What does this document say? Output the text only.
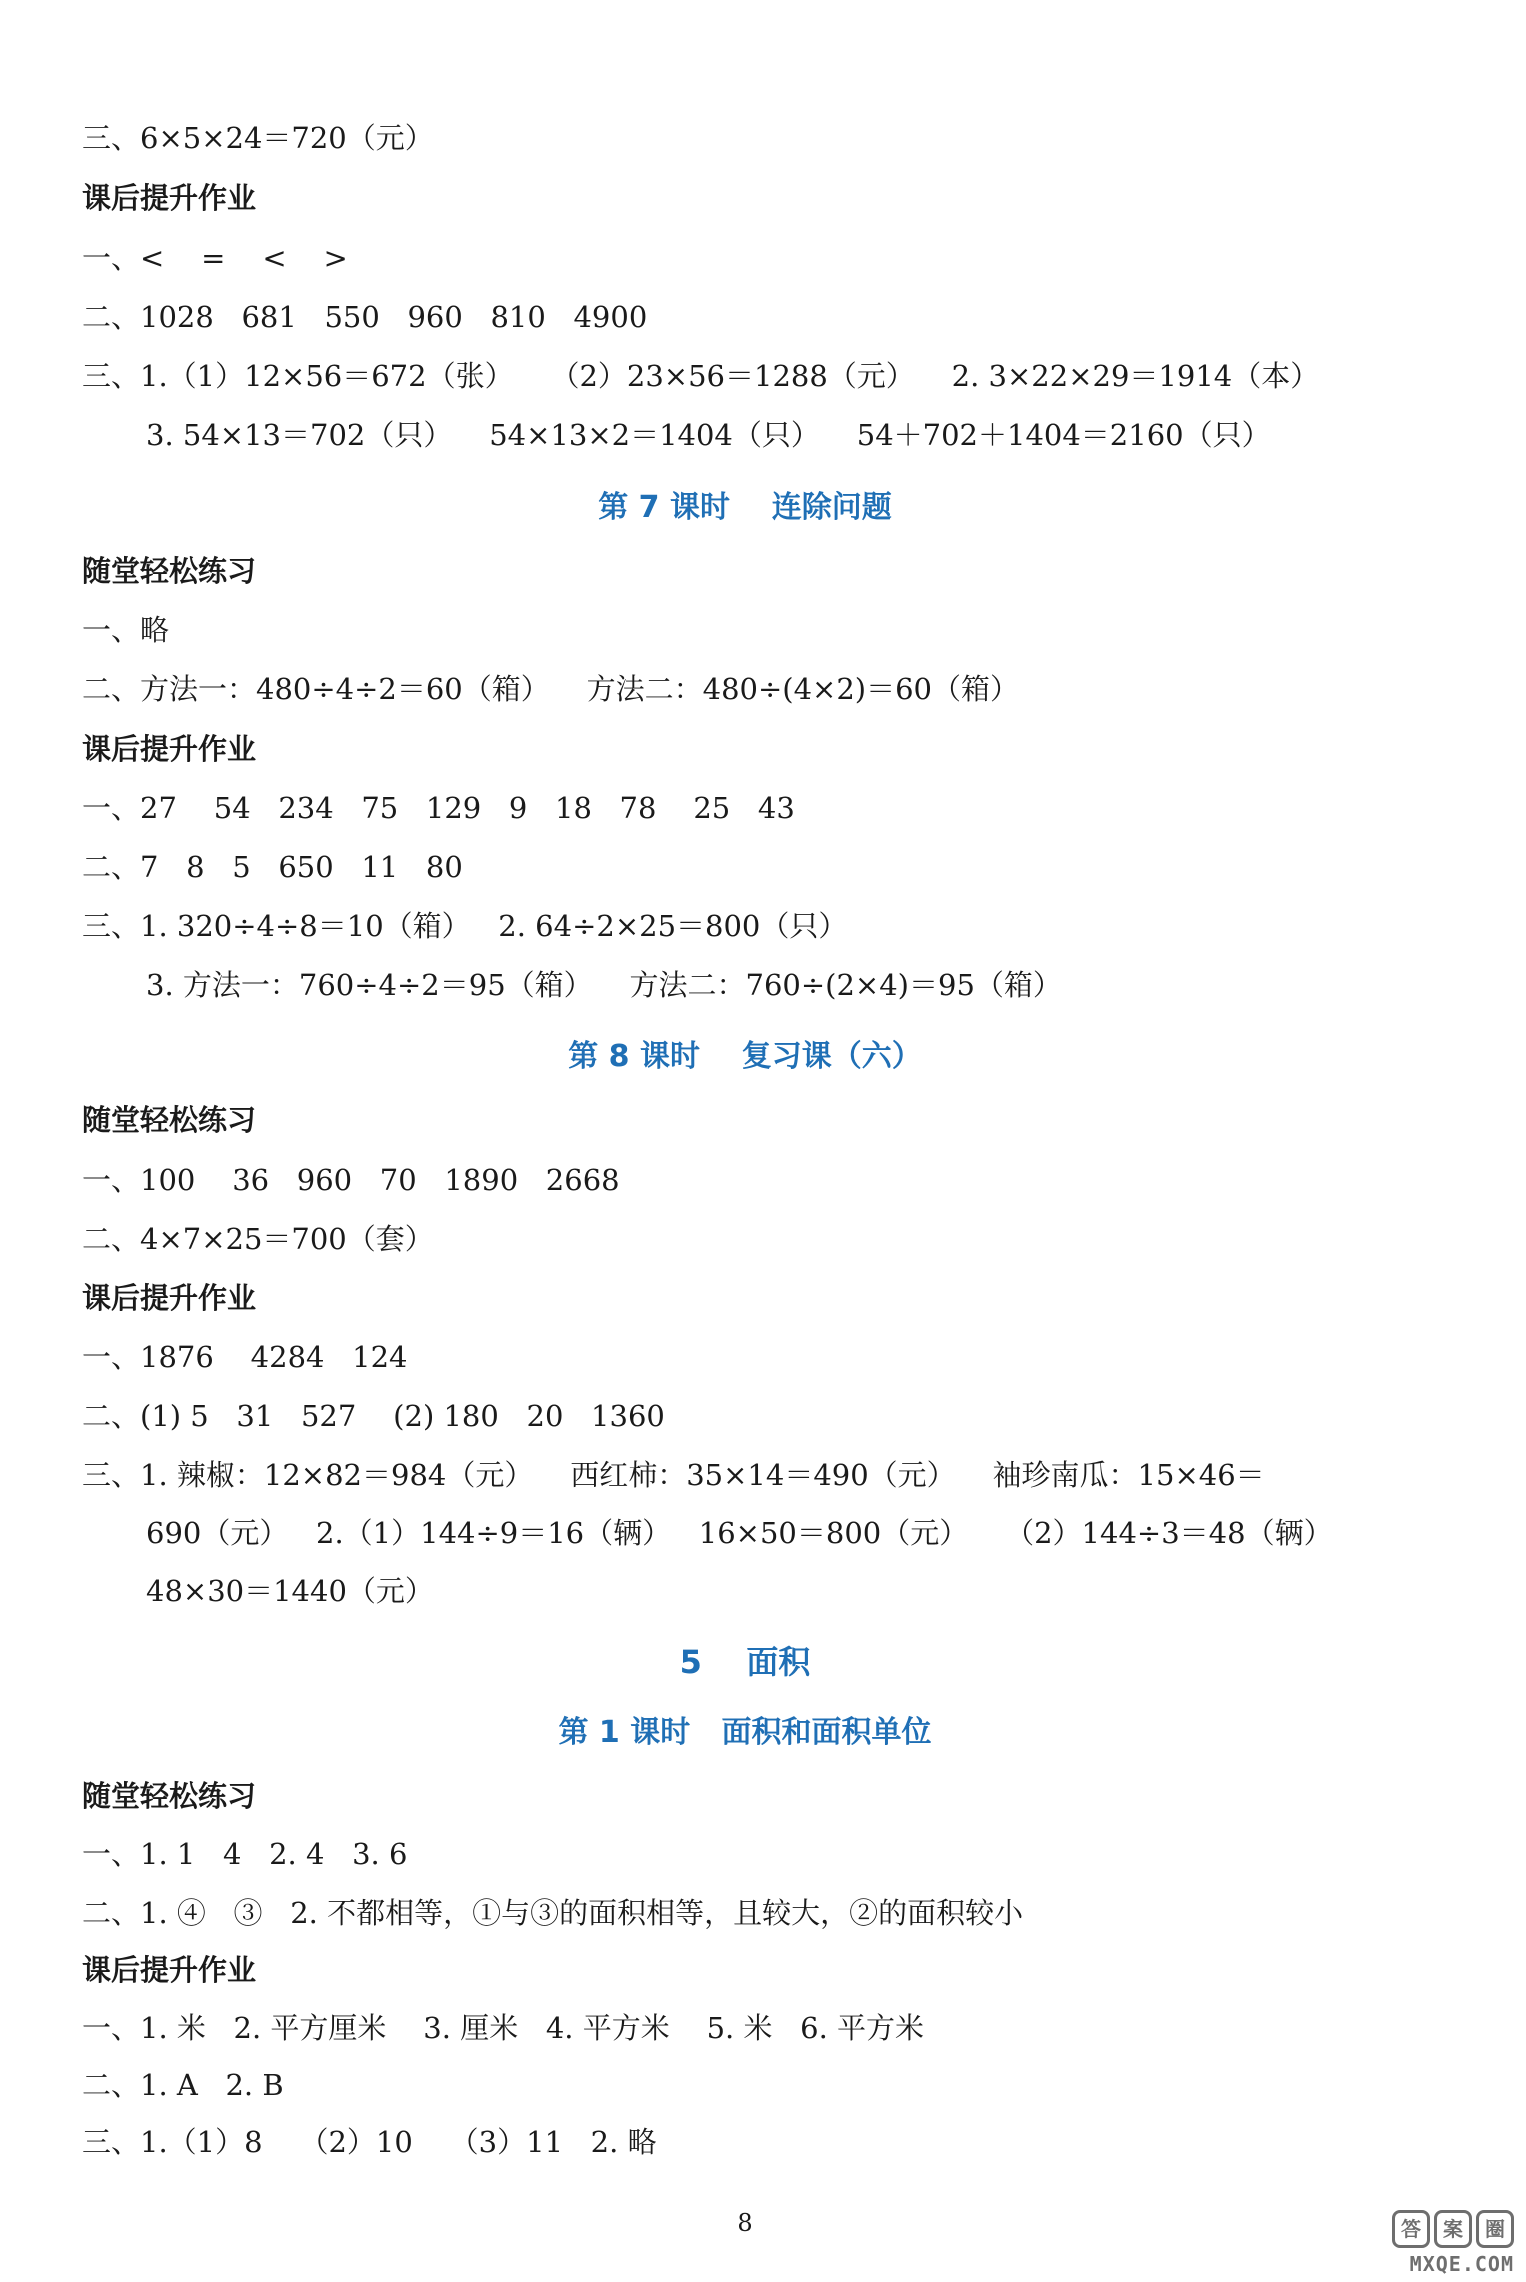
三、6×5×24＝720（元）
课后提升作业
一、<    =    <    >
二、1028   681   550   960   810   4900
三、1.（1）12×56＝672（张）    （2）23×56＝1288（元）    2. 3×22×29＝1914（本）
3. 54×13＝702（只）    54×13×2＝1404（只）    54＋702＋1404＝2160（只）
随堂轻松练习
一、略
二、方法一：480÷4÷2＝60（箱）    方法二：480÷(4×2)＝60（箱）
课后提升作业
一、27    54   234   75   129   9   18   78    25   43
二、7   8   5   650   11   80
三、1. 320÷4÷8＝10（箱）   2. 64÷2×25＝800（只）
3. 方法一：760÷4÷2＝95（箱）    方法二：760÷(2×4)＝95（箱）
随堂轻松练习
一、100    36   960   70   1890   2668
二、4×7×25＝700（套）
课后提升作业
一、1876    4284   124
二、(1) 5   31   527    (2) 180   20   1360
三、1. 辣椒：12×82＝984（元）    西红柿：35×14＝490（元）    袖珍南瓜：15×46＝
690（元）   2.（1）144÷9＝16（辆）   16×50＝800（元）    （2）144÷3＝48（辆）
48×30＝1440（元）
随堂轻松练习
一、1. 1   4   2. 4   3. 6
二、1. ④   ③   2. 不都相等，①与③的面积相等，且较大，②的面积较小
课后提升作业
一、1. 米   2. 平方厘米    3. 厘米   4. 平方米    5. 米   6. 平方米
二、1. A   2. B
三、1.（1）8    （2）10    （3）11   2. 略
第 7 课时    连除问题
第 8 课时    复习课（六）
5    面积
第 1 课时   面积和面积单位
8	答	案	圈
MXQE.COM
